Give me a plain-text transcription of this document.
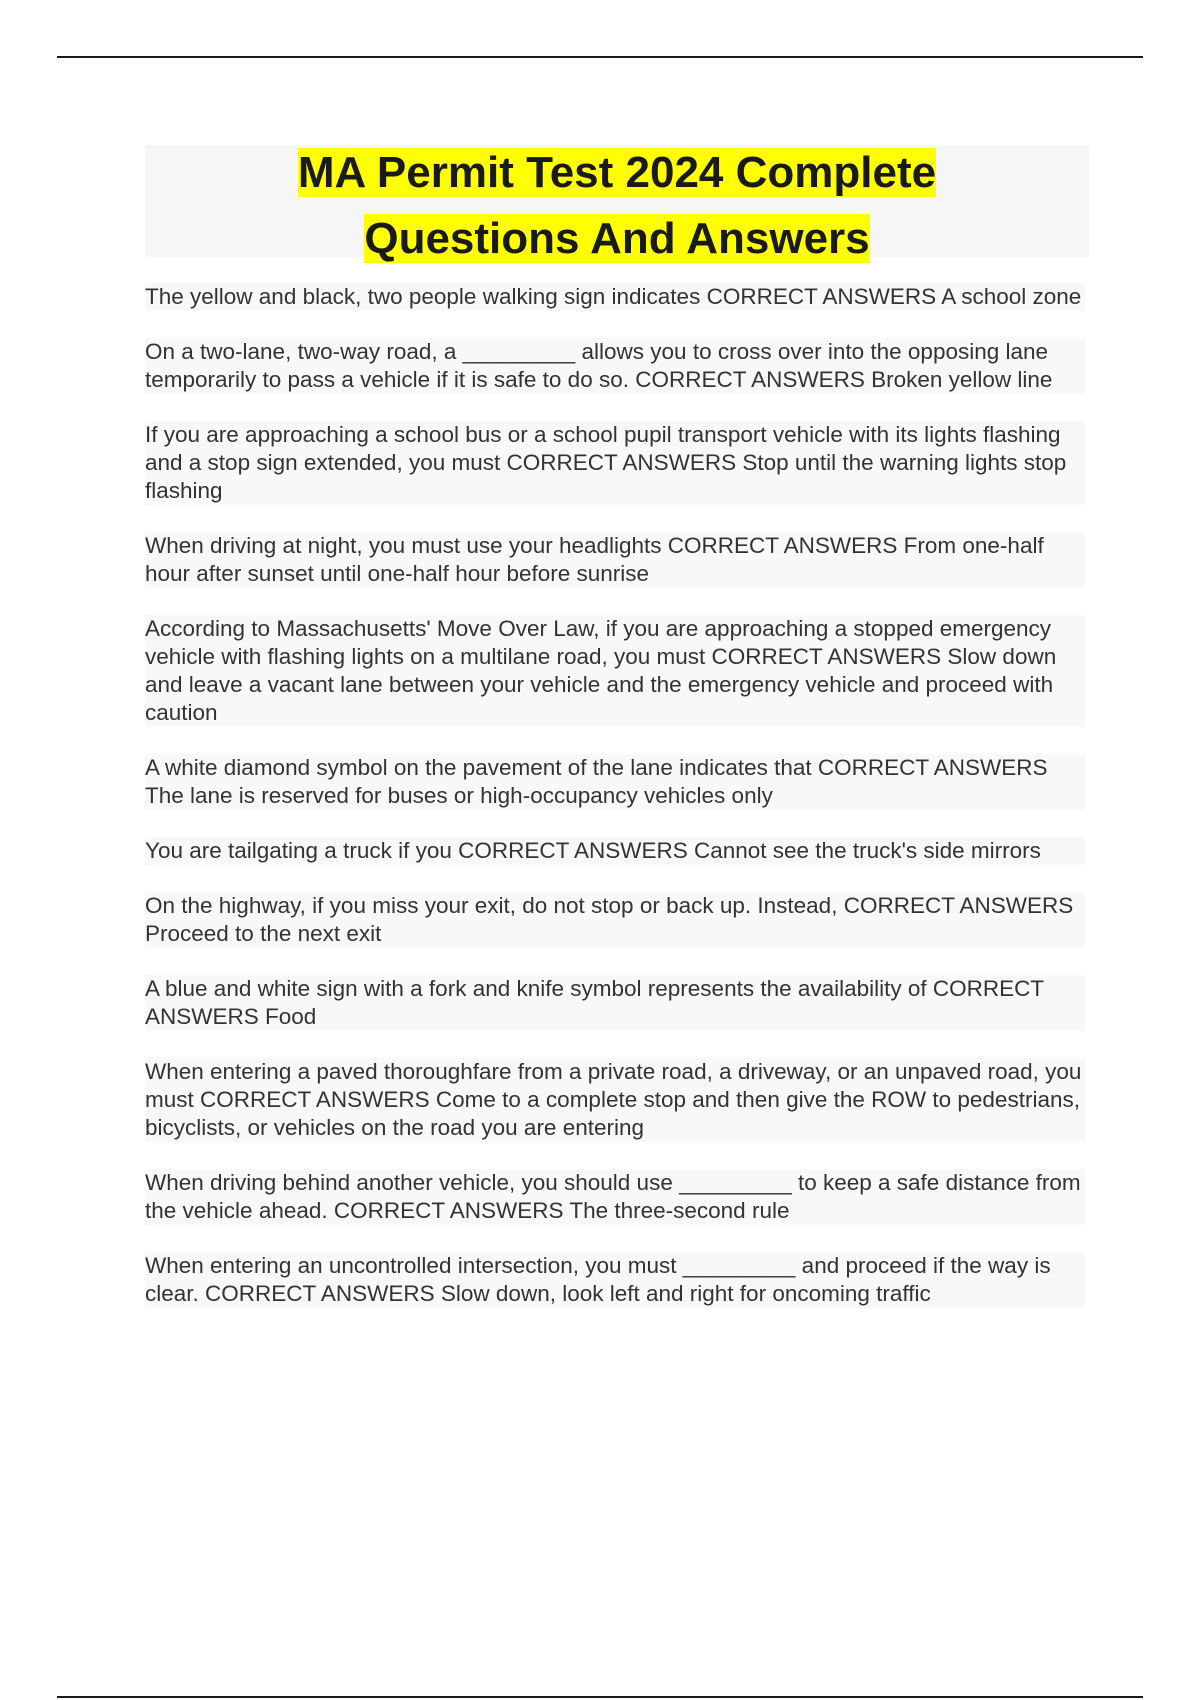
MA Permit Test 2024 Complete
Questions And Answers

The yellow and black, two people walking sign indicates CORRECT ANSWERS A school zone

On a two-lane, two-way road, a _________ allows you to cross over into the opposing lane temporarily to pass a vehicle if it is safe to do so. CORRECT ANSWERS Broken yellow line

If you are approaching a school bus or a school pupil transport vehicle with its lights flashing and a stop sign extended, you must CORRECT ANSWERS Stop until the warning lights stop flashing

When driving at night, you must use your headlights CORRECT ANSWERS From one-half hour after sunset until one-half hour before sunrise

According to Massachusetts' Move Over Law, if you are approaching a stopped emergency vehicle with flashing lights on a multilane road, you must CORRECT ANSWERS Slow down and leave a vacant lane between your vehicle and the emergency vehicle and proceed with caution

A white diamond symbol on the pavement of the lane indicates that CORRECT ANSWERS The lane is reserved for buses or high-occupancy vehicles only

You are tailgating a truck if you CORRECT ANSWERS Cannot see the truck's side mirrors

On the highway, if you miss your exit, do not stop or back up. Instead, CORRECT ANSWERS Proceed to the next exit

A blue and white sign with a fork and knife symbol represents the availability of CORRECT ANSWERS Food

When entering a paved thoroughfare from a private road, a driveway, or an unpaved road, you must CORRECT ANSWERS Come to a complete stop and then give the ROW to pedestrians, bicyclists, or vehicles on the road you are entering

When driving behind another vehicle, you should use _________ to keep a safe distance from the vehicle ahead. CORRECT ANSWERS The three-second rule

When entering an uncontrolled intersection, you must _________ and proceed if the way is clear. CORRECT ANSWERS Slow down, look left and right for oncoming traffic
